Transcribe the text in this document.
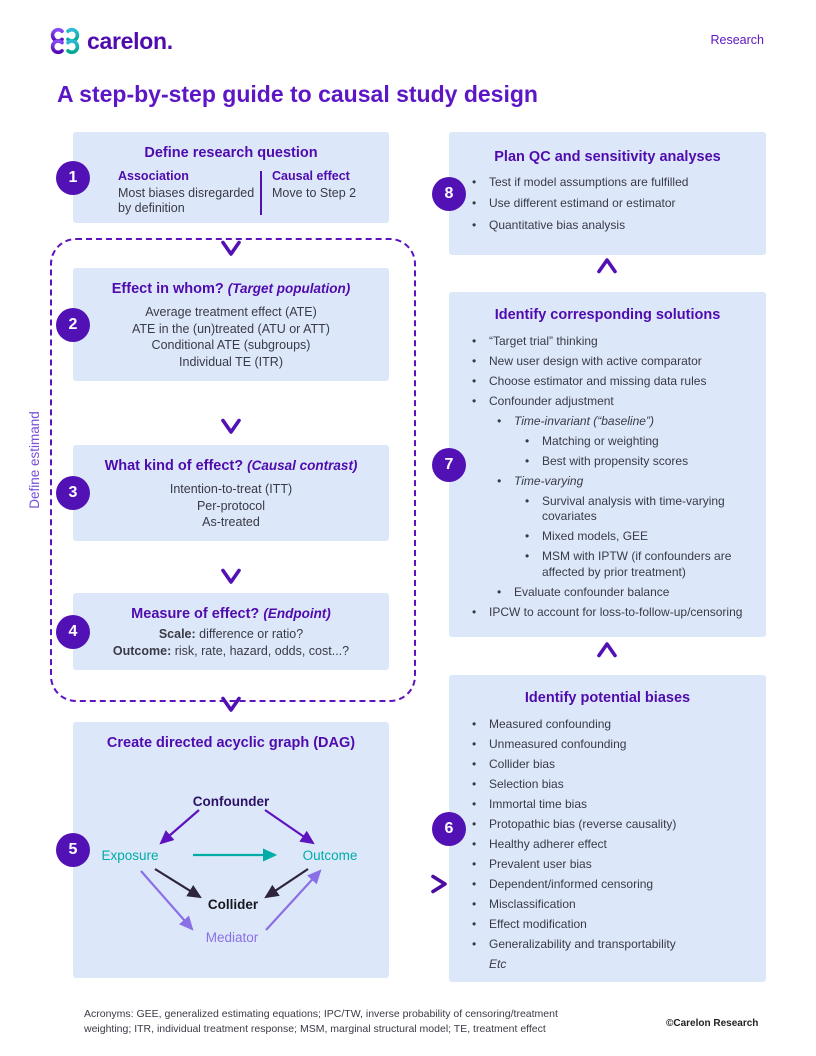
carelon.	Research
A step-by-step guide to causal study design
Define estimand
1
Define research question
Association
Most biases disregarded by definition
Causal effect
Move to Step 2
2
Effect in whom? (Target population)
Average treatment effect (ATE)
ATE in the (un)treated (ATU or ATT)
Conditional ATE (subgroups)
Individual TE (ITR)
3
What kind of effect? (Causal contrast)
Intention-to-treat (ITT)
Per-protocol
As-treated
4
Measure of effect? (Endpoint)
Scale: difference or ratio?
Outcome: risk, rate, hazard, odds, cost...?
5
Create directed acyclic graph (DAG)
Confounder
Exposure	Outcome
Collider
Mediator
8
Plan QC and sensitivity analyses
• Test if model assumptions are fulfilled
• Use different estimand or estimator
• Quantitative bias analysis
7
Identify corresponding solutions
• “Target trial” thinking
• New user design with active comparator
• Choose estimator and missing data rules
• Confounder adjustment
• Time-invariant (“baseline”)
• Matching or weighting
• Best with propensity scores
• Time-varying
• Survival analysis with time-varying covariates
• Mixed models, GEE
• MSM with IPTW (if confounders are affected by prior treatment)
• Evaluate confounder balance
• IPCW to account for loss-to-follow-up/censoring
6
Identify potential biases
• Measured confounding
• Unmeasured confounding
• Collider bias
• Selection bias
• Immortal time bias
• Protopathic bias (reverse causality)
• Healthy adherer effect
• Prevalent user bias
• Dependent/informed censoring
• Misclassification
• Effect modification
• Generalizability and transportability
Etc
Acronyms: GEE, generalized estimating equations; IPC/TW, inverse probability of censoring/treatment weighting; ITR, individual treatment response; MSM, marginal structural model; TE, treatment effect	©Carelon Research
